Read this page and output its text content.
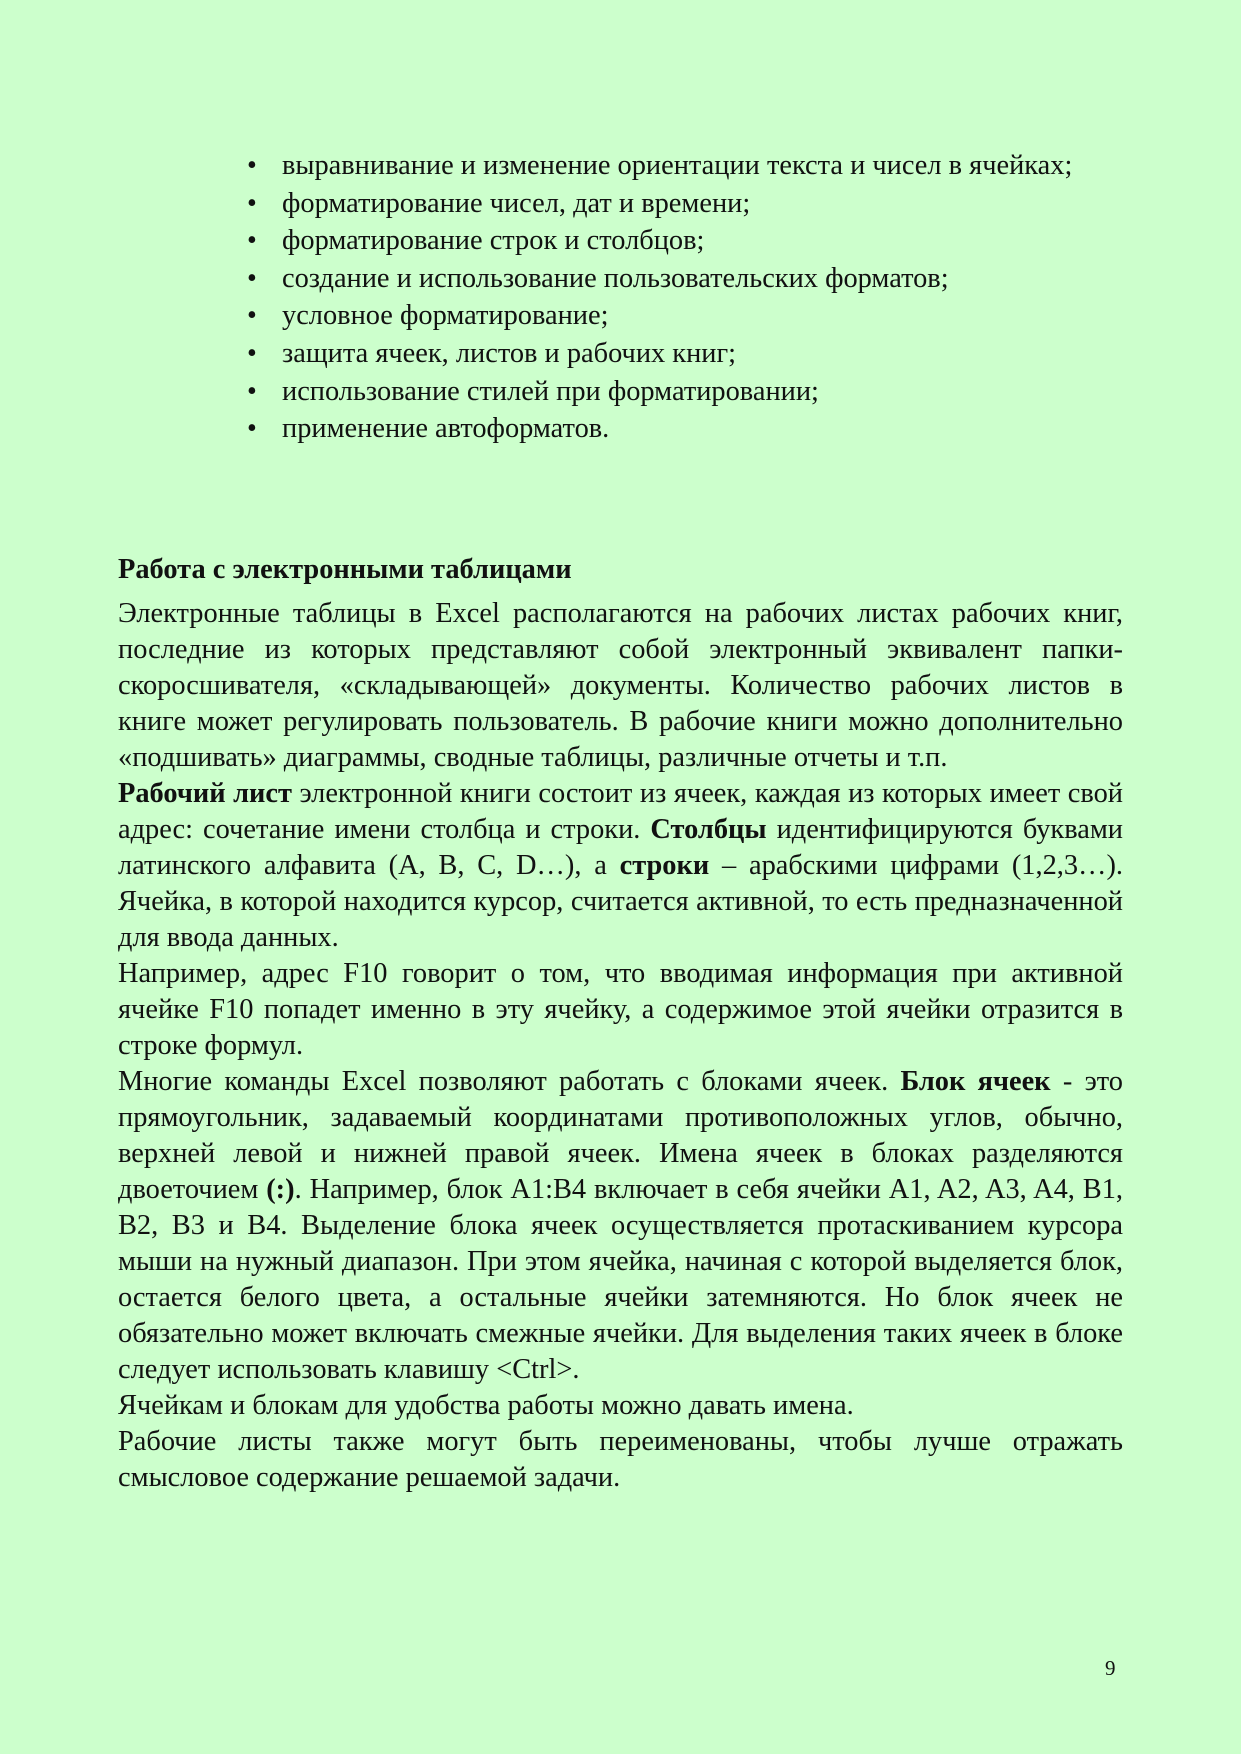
• выравнивание и изменение ориентации текста и чисел в ячейках;
• форматирование чисел, дат и времени;
• форматирование строк и столбцов;
• создание и использование пользовательских форматов;
• условное форматирование;
• защита ячеек, листов и рабочих книг;
• использование стилей при форматировании;
• применение автоформатов.
Работа с электронными таблицами

Электронные таблицы в Excel располагаются на рабочих листах рабочих книг, последние из которых представляют собой электронный эквивалент папки-скоросшивателя, «складывающей» документы. Количество рабочих листов в книге может регулировать пользователь. В рабочие книги можно дополнительно «подшивать» диаграммы, сводные таблицы, различные отчеты и т.п.

Рабочий лист электронной книги состоит из ячеек, каждая из которых имеет свой адрес: сочетание имени столбца и строки. Столбцы идентифицируются буквами латинского алфавита (A, B, C, D…), а строки – арабскими цифрами (1,2,3…). Ячейка, в которой находится курсор, считается активной, то есть предназначенной для ввода данных.

Например, адрес F10 говорит о том, что вводимая информация при активной ячейке F10 попадет именно в эту ячейку, а содержимое этой ячейки отразится в строке формул.

Многие команды Excel позволяют работать с блоками ячеек. Блок ячеек - это прямоугольник, задаваемый координатами противоположных углов, обычно, верхней левой и нижней правой ячеек. Имена ячеек в блоках разделяются двоеточием (:). Например, блок A1:B4 включает в себя ячейки A1, A2, A3, A4, B1, B2, B3 и B4. Выделение блока ячеек осуществляется протаскиванием курсора мыши на нужный диапазон. При этом ячейка, начиная с которой выделяется блок, остается белого цвета, а остальные ячейки затемняются. Но блок ячеек не обязательно может включать смежные ячейки. Для выделения таких ячеек в блоке следует использовать клавишу <Ctrl>.

Ячейкам и блокам для удобства работы можно давать имена.

Рабочие листы также могут быть переименованы, чтобы лучше отражать смысловое содержание решаемой задачи.

9
